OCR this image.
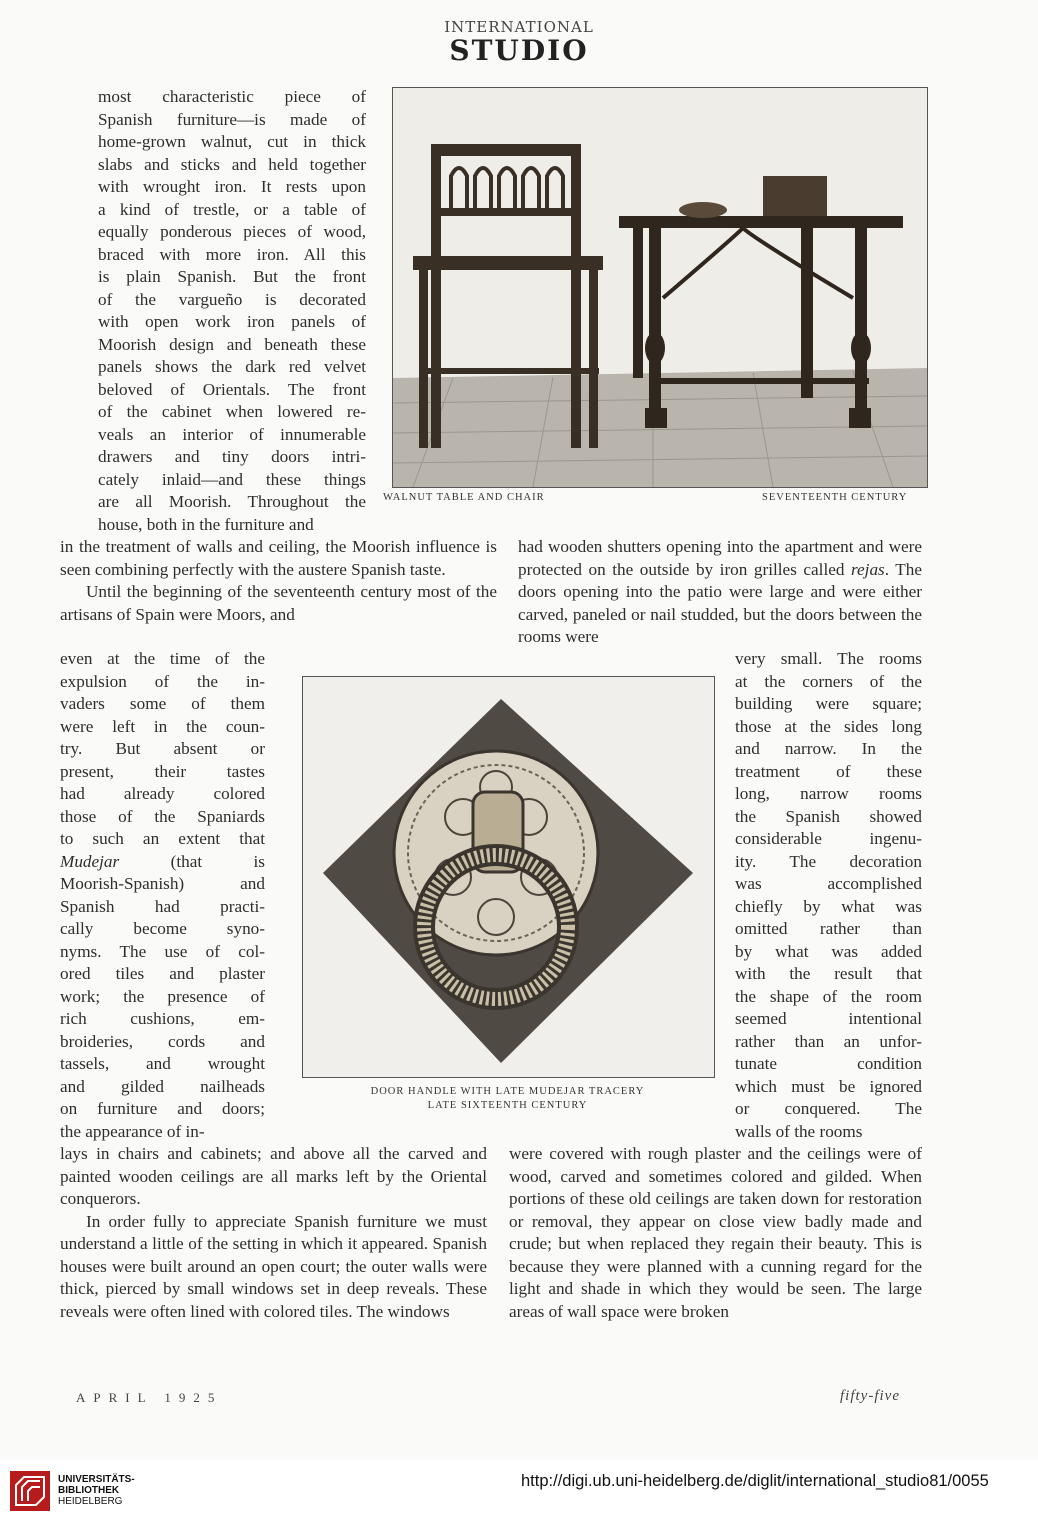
INTERNATIONAL
STUDIO
most characteristic piece of
Spanish furniture—is made of
home-grown walnut, cut in thick
slabs and sticks and held together
with wrought iron. It rests upon
a kind of trestle, or a table of
equally ponderous pieces of wood,
braced with more iron. All this
is plain Spanish. But the front
of the vargueño is decorated
with open work iron panels of
Moorish design and beneath these
panels shows the dark red velvet
beloved of Orientals. The front
of the cabinet when lowered re-
veals an interior of innumerable
drawers and tiny doors intri-
cately inlaid—and these things
are all Moorish. Throughout the
house, both in the furniture and
WALNUT TABLE AND CHAIR	SEVENTEENTH CENTURY

in the treatment of walls and ceiling, the Moorish influence is seen combining perfectly with the austere Spanish taste.

Until the beginning of the seventeenth century most of the artisans of Spain were Moors, and

had wooden shutters opening into the apartment and were protected on the outside by iron grilles called rejas. The doors opening into the patio were large and were either carved, paneled or nail studded, but the doors between the rooms were

even at the time of the
expulsion of the in-
vaders some of them
were left in the coun-
try. But absent or
present, their tastes
had already colored
those of the Spaniards
to such an extent that
Mudejar (that is
Moorish-Spanish) and
Spanish had practi-
cally become syno-
nyms. The use of col-
ored tiles and plaster
work; the presence of
rich cushions, em-
broideries, cords and
tassels, and wrought
and gilded nailheads
on furniture and doors;
the appearance of in-
very small. The rooms
at the corners of the
building were square;
those at the sides long
and narrow. In the
treatment of these
long, narrow rooms
the Spanish showed
considerable ingenu-
ity. The decoration
was accomplished
chiefly by what was
omitted rather than
by what was added
with the result that
the shape of the room
seemed intentional
rather than an unfor-
tunate condition
which must be ignored
or conquered. The
walls of the rooms
DOOR HANDLE WITH LATE MUDEJAR TRACERY
LATE SIXTEENTH CENTURY

lays in chairs and cabinets; and above all the carved and painted wooden ceilings are all marks left by the Oriental conquerors.

In order fully to appreciate Spanish furniture we must understand a little of the setting in which it appeared. Spanish houses were built around an open court; the outer walls were thick, pierced by small windows set in deep reveals. These reveals were often lined with colored tiles. The windows

were covered with rough plaster and the ceilings were of wood, carved and sometimes colored and gilded. When portions of these old ceilings are taken down for restoration or removal, they appear on close view badly made and crude; but when replaced they regain their beauty. This is because they were planned with a cunning regard for the light and shade in which they would be seen. The large areas of wall space were broken

APRIL 1925	fifty-five
UNIVERSITÄTS-
BIBLIOTHEK
HEIDELBERG
http://digi.ub.uni-heidelberg.de/diglit/international_studio81/0055
